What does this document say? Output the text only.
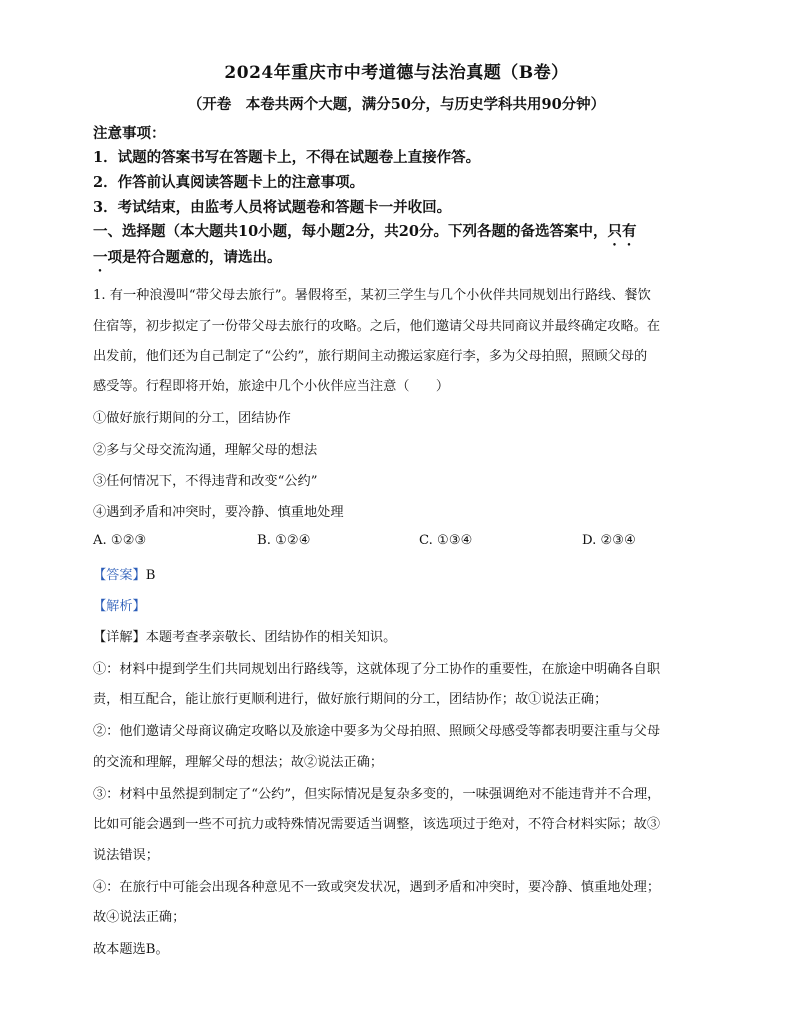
2024年重庆市中考道德与法治真题（B卷）
（开卷　本卷共两个大题，满分50分，与历史学科共用90分钟）
注意事项：
1．试题的答案书写在答题卡上，不得在试题卷上直接作答。
2．作答前认真阅读答题卡上的注意事项。
3．考试结束，由监考人员将试题卷和答题卡一并收回。
一、选择题（本大题共10小题，每小题2分，共20分。下列各题的备选答案中，只有
一项是符合题意的，请选出。
1. 有一种浪漫叫“带父母去旅行”。暑假将至，某初三学生与几个小伙伴共同规划出行路线、餐饮
住宿等，初步拟定了一份带父母去旅行的攻略。之后，他们邀请父母共同商议并最终确定攻略。在
出发前，他们还为自己制定了“公约”，旅行期间主动搬运家庭行李，多为父母拍照，照顾父母的
感受等。行程即将开始，旅途中几个小伙伴应当注意（　　）
①做好旅行期间的分工，团结协作
②多与父母交流沟通，理解父母的想法
③任何情况下，不得违背和改变“公约”
④遇到矛盾和冲突时，要冷静、慎重地处理
A. ①②③	B. ①②④	C. ①③④	D. ②③④
【答案】B
【解析】
【详解】本题考查孝亲敬长、团结协作的相关知识。
①：材料中提到学生们共同规划出行路线等，这就体现了分工协作的重要性，在旅途中明确各自职
责，相互配合，能让旅行更顺利进行，做好旅行期间的分工，团结协作；故①说法正确；
②：他们邀请父母商议确定攻略以及旅途中要多为父母拍照、照顾父母感受等都表明要注重与父母
的交流和理解，理解父母的想法；故②说法正确；
③：材料中虽然提到制定了“公约”，但实际情况是复杂多变的，一味强调绝对不能违背并不合理，
比如可能会遇到一些不可抗力或特殊情况需要适当调整，该选项过于绝对，不符合材料实际；故③
说法错误；
④：在旅行中可能会出现各种意见不一致或突发状况，遇到矛盾和冲突时，要冷静、慎重地处理；
故④说法正确；
故本题选B。
